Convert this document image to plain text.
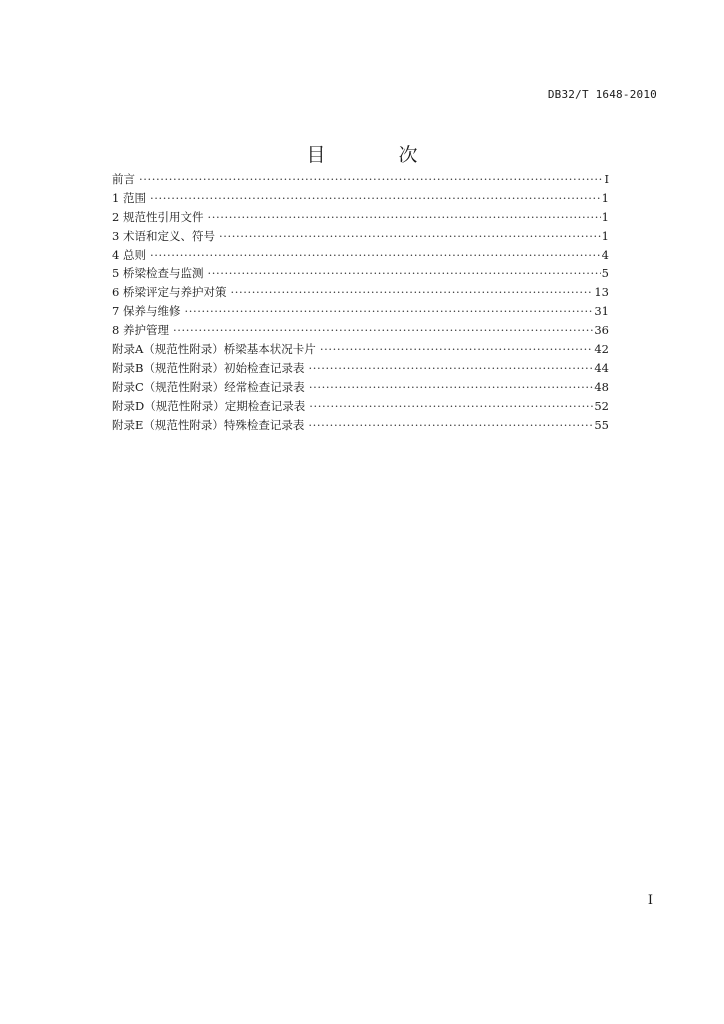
DB32/T 1648-2010
目　次
前言 ·····	I
1 范围 ·····	1
2 规范性引用文件 ·····	1
3 术语和定义、符号 ·····	1
4 总则 ·····	4
5 桥梁检查与监测 ·····	5
6 桥梁评定与养护对策 ·····	13
7 保养与维修 ·····	31
8 养护管理 ·····	36
附录A（规范性附录）桥梁基本状况卡片 ·····	42
附录B（规范性附录）初始检查记录表 ·····	44
附录C（规范性附录）经常检查记录表 ·····	48
附录D（规范性附录）定期检查记录表 ·····	52
附录E（规范性附录）特殊检查记录表 ·····	55
I
